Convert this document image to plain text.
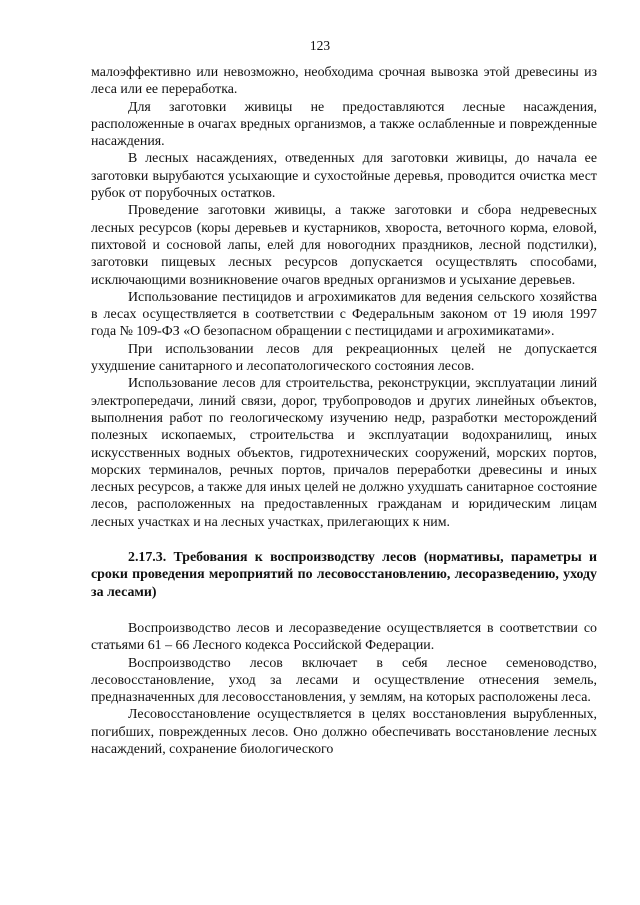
123

малоэффективно или невозможно, необходима срочная вывозка этой древесины из леса или ее переработка.

Для заготовки живицы не предоставляются лесные насаждения, расположенные в очагах вредных организмов, а также ослабленные и поврежденные насаждения.

В лесных насаждениях, отведенных для заготовки живицы, до начала ее заготовки вырубаются усыхающие и сухостойные деревья, проводится очистка мест рубок от порубочных остатков.

Проведение заготовки живицы, а также заготовки и сбора недревесных лесных ресурсов (коры деревьев и кустарников, хвороста, веточного корма, еловой, пихтовой и сосновой лапы, елей для новогодних праздников, лесной подстилки), заготовки пищевых лесных ресурсов допускается осуществлять способами, исключающими возникновение очагов вредных организмов и усыхание деревьев.

Использование пестицидов и агрохимикатов для ведения сельского хозяйства в лесах осуществляется в соответствии с Федеральным законом от 19 июля 1997 года № 109-ФЗ «О безопасном обращении с пестицидами и агрохимикатами».

При использовании лесов для рекреационных целей не допускается ухудшение санитарного и лесопатологического состояния лесов.

Использование лесов для строительства, реконструкции, эксплуатации линий электропередачи, линий связи, дорог, трубопроводов и других линейных объектов, выполнения работ по геологическому изучению недр, разработки месторождений полезных ископаемых, строительства и эксплуатации водохранилищ, иных искусственных водных объектов, гидротехнических сооружений, морских портов, морских терминалов, речных портов, причалов переработки древесины и иных лесных ресурсов, а также для иных целей не должно ухудшать санитарное состояние лесов, расположенных на предоставленных гражданам и юридическим лицам лесных участках и на лесных участках, прилегающих к ним.

2.17.3. Требования к воспроизводству лесов (нормативы, параметры и сроки проведения мероприятий по лесовосстановлению, лесоразведению, уходу за лесами)

Воспроизводство лесов и лесоразведение осуществляется в соответствии со статьями 61 – 66 Лесного кодекса Российской Федерации.

Воспроизводство лесов включает в себя лесное семеноводство, лесовосстановление, уход за лесами и осуществление отнесения земель, предназначенных для лесовосстановления, у землям, на которых расположены леса.

Лесовосстановление осуществляется в целях восстановления вырубленных, погибших, поврежденных лесов. Оно должно обеспечивать восстановление лесных насаждений, сохранение биологического
